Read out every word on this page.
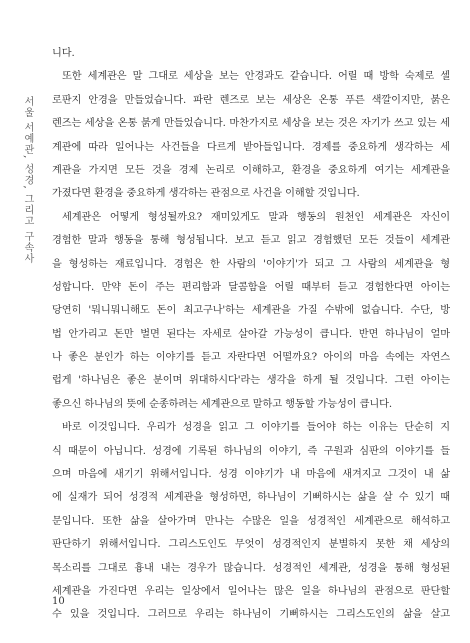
서울 서예관, 성경, 그리고 구속사
니다.
또한 세계관은 말 그대로 세상을 보는 안경과도 같습니다. 어릴 때 방학 숙제로 셀
로판지 안경을 만들었습니다. 파란 렌즈로 보는 세상은 온통 푸른 색깔이지만, 붉은
렌즈는 세상을 온통 붉게 만들었습니다. 마찬가지로 세상을 보는 것은 자기가 쓰고 있는 세
계관에 따라 일어나는 사건들을 다르게 받아들입니다. 경제를 중요하게 생각하는 세
계관을 가지면 모든 것을 경제 논리로 이해하고, 환경을 중요하게 여기는 세계관을
가졌다면 환경을 중요하게 생각하는 관점으로 사건을 이해할 것입니다.
세계관은 어떻게 형성될까요? 재미있게도 말과 행동의 원천인 세계관은 자신이
경험한 말과 행동을 통해 형성됩니다. 보고 듣고 읽고 경험했던 모든 것들이 세계관
을 형성하는 재료입니다. 경험은 한 사람의 '이야기'가 되고 그 사람의 세계관을 형
성합니다. 만약 돈이 주는 편리함과 달콤함을 어릴 때부터 듣고 경험한다면 아이는
당연히 '뭐니뭐니해도 돈이 최고구나'하는 세계관을 가질 수밖에 없습니다. 수단, 방
법 안가리고 돈만 벌면 된다는 자세로 살아갈 가능성이 큽니다. 반면 하나님이 얼마
나 좋은 분인가 하는 이야기를 듣고 자란다면 어떨까요? 아이의 마음 속에는 자연스
럽게 '하나님은 좋은 분이며 위대하시다'라는 생각을 하게 될 것입니다. 그런 아이는
좋으신 하나님의 뜻에 순종하려는 세계관으로 말하고 행동할 가능성이 큽니다.
바로 이것입니다. 우리가 성경을 읽고 그 이야기를 들어야 하는 이유는 단순히 지
식 때문이 아닙니다. 성경에 기록된 하나님의 이야기, 즉 구원과 심판의 이야기를 들
으며 마음에 새기기 위해서입니다. 성경 이야기가 내 마음에 새겨지고 그것이 내 삶
에 실재가 되어 성경적 세계관을 형성하면, 하나님이 기뻐하시는 삶을 살 수 있기 때
문입니다. 또한 삶을 살아가며 만나는 수많은 일을 성경적인 세계관으로 해석하고
판단하기 위해서입니다. 그리스도인도 무엇이 성경적인지 분별하지 못한 채 세상의
목소리를 그대로 흉내 내는 경우가 많습니다. 성경적인 세계관, 성경을 통해 형성된
세계관을 가진다면 우리는 일상에서 일어나는 많은 일을 하나님의 관점으로 판단할
수 있을 것입니다. 그러므로 우리는 하나님이 기뻐하시는 그리스도인의 삶을 살고
10
